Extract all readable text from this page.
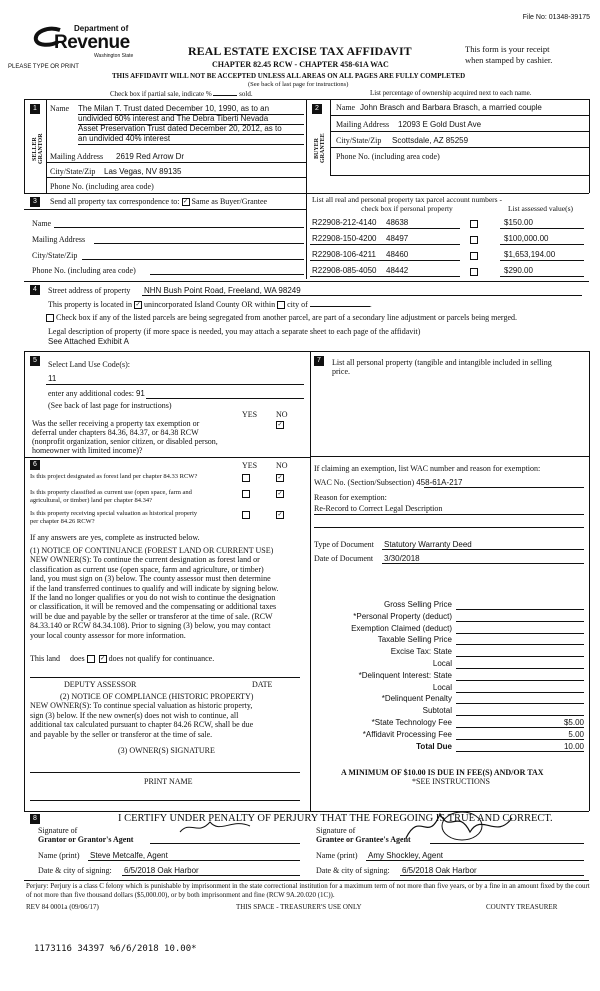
File No: 01348-39175
Department of
Revenue
Washington State
PLEASE TYPE OR PRINT
REAL ESTATE EXCISE TAX AFFIDAVIT
CHAPTER 82.45 RCW - CHAPTER 458-61A WAC
This form is your receipt
when stamped by cashier.
THIS AFFIDAVIT WILL NOT BE ACCEPTED UNLESS ALL AREAS ON ALL PAGES ARE FULLY COMPLETED
(See back of last page for instructions)
Check box if partial sale, indicate %	sold.	List percentage of ownership acquired next to each name.
1
SELLER GRANTOR
Name The Milan T. Trust dated December 10, 1990, as to an
undivided 60% interest and The Debra Tiberti Nevada
Asset Preservation Trust dated December 20, 2012, as to
an undivided 40% interest
Mailing Address 2619 Red Arrow Dr
City/State/Zip Las Vegas, NV 89135
Phone No. (including area code)
2
BUYER GRANTEE
Name John Brasch and Barbara Brasch, a married couple
Mailing Address 12093 E Gold Dust Ave
City/State/Zip Scottsdale, AZ 85259
Phone No. (including area code)
3	Send all property tax correspondence to: ✓ Same as Buyer/Grantee
Name
Mailing Address
City/State/Zip
Phone No. (including area code)
List all real and personal property tax parcel account numbers - check box if personal property	List assessed value(s)
R22908-212-4140 48638	$150.00
R22908-150-4200 48497	$100,000.00
R22908-106-4211 48460	$1,653,194.00
R22908-085-4050 48442	$290.00
4	Street address of property NHN Bush Point Road, Freeland, WA 98249
This property is located in ✓ unincorporated Island County OR within city of	.
Check box if any of the listed parcels are being segregated from another parcel, are part of a secondary line adjustment or parcels being merged.
Legal description of property (if more space is needed, you may attach a separate sheet to each page of the affidavit)
See Attached Exhibit A
5	Select Land Use Code(s):
11
enter any additional codes: 91
(See back of last page for instructions)
YES NO
Was the seller receiving a property tax exemption or
deferral under chapters 84.36, 84.37, or 84.38 RCW
(nonprofit organization, senior citizen, or disabled person,
homeowner with limited income)?
✓
6	YES NO
Is this project designated as forest land per chapter 84.33 RCW?	✓
Is this property classified as current use (open space, farm and
agricultural, or timber) land per chapter 84.34?
✓
Is this property receiving special valuation as historical property
per chapter 84.26 RCW?
✓
If any answers are yes, complete as instructed below.
(1) NOTICE OF CONTINUANCE (FOREST LAND OR CURRENT USE)
NEW OWNER(S): To continue the current designation as forest land or
classification as current use (open space, farm and agriculture, or timber)
land, you must sign on (3) below. The county assessor must then determine
if the land transferred continues to qualify and will indicate by signing below.
If the land no longer qualifies or you do not wish to continue the designation
or classification, it will be removed and the compensating or additional taxes
will be due and payable by the seller or transferor at the time of sale. (RCW
84.33.140 or RCW 84.34.108). Prior to signing (3) below, you may contact
your local county assessor for more information.
This land does	✓ does not qualify for continuance.
DEPUTY ASSESSOR	DATE
(2) NOTICE OF COMPLIANCE (HISTORIC PROPERTY)
NEW OWNER(S): To continue special valuation as historic property,
sign (3) below. If the new owner(s) does not wish to continue, all
additional tax calculated pursuant to chapter 84.26 RCW, shall be due
and payable by the seller or transferor at the time of sale.
(3) OWNER(S) SIGNATURE
PRINT NAME
7	List all personal property (tangible and intangible included in selling
price.
If claiming an exemption, list WAC number and reason for exemption:
WAC No. (Section/Subsection) 458-61A-217
Reason for exemption:
Re-Record to Correct Legal Description
Type of Document Statutory Warranty Deed
Date of Document 3/30/2018
Gross Selling Price
*Personal Property (deduct)
Exemption Claimed (deduct)
Taxable Selling Price
Excise Tax: State
Local
*Delinquent Interest: State
Local
*Delinquent Penalty
Subtotal
*State Technology Fee	$5.00
*Affidavit Processing Fee	5.00
Total Due	10.00
A MINIMUM OF $10.00 IS DUE IN FEE(S) AND/OR TAX
*SEE INSTRUCTIONS
8	I CERTIFY UNDER PENALTY OF PERJURY THAT THE FOREGOING IS TRUE AND CORRECT.
Signature of
Grantor or Grantor's Agent
Name (print) Steve Metcalfe, Agent
Date & city of signing: 6/5/2018 Oak Harbor
Signature of
Grantee or Grantee's Agent
Name (print) Amy Shockley, Agent
Date & city of signing: 6/5/2018 Oak Harbor
Perjury: Perjury is a class C felony which is punishable by imprisonment in the state correctional institution for a maximum term of not more than five years, or by a fine in an amount fixed by the court of not more than five thousand dollars ($5,000.00), or by both imprisonment and fine (RCW 9A.20.020 (1C)).
REV 84 0001a (09/06/17)	THIS SPACE - TREASURER'S USE ONLY	COUNTY TREASURER
1173116 34397 %6/6/2018 10.00*
